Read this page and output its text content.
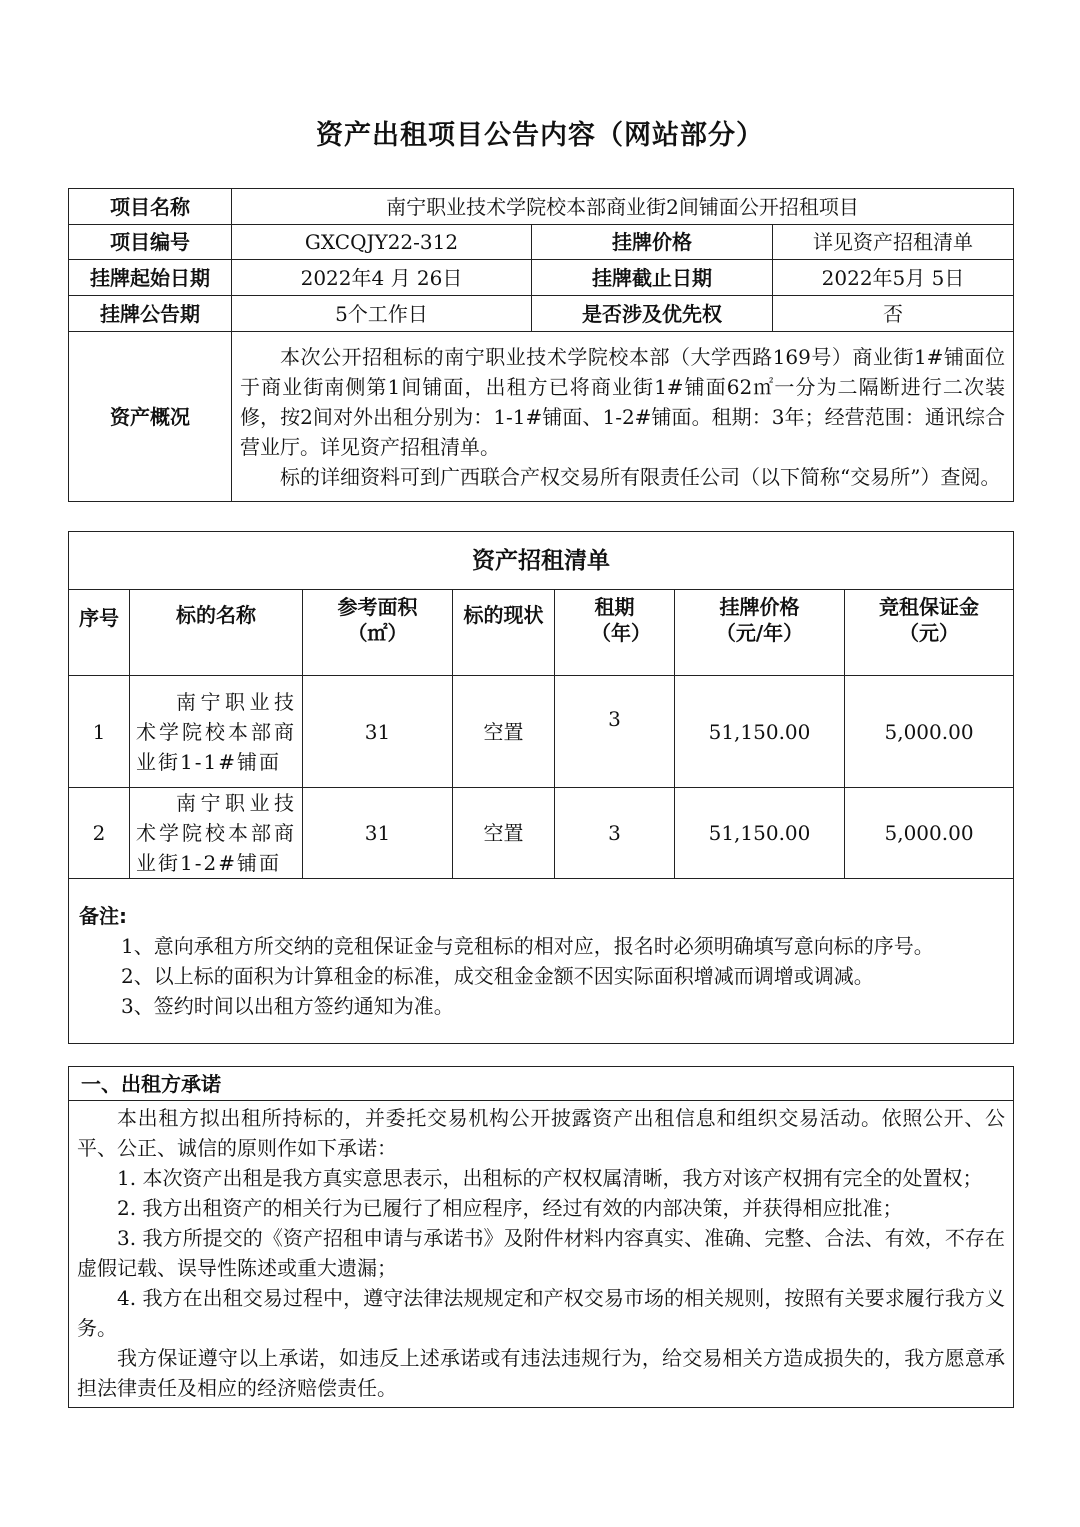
资产出租项目公告内容（网站部分）
项目名称	南宁职业技术学院校本部商业街2间铺面公开招租项目		
项目编号	GXCQJY22-312	挂牌价格	详见资产招租清单
挂牌起始日期	2022年4 月 26日	挂牌截止日期	2022年5月 5日
挂牌公告期	5个工作日	是否涉及优先权	否
资产概况	本次公开招租标的南宁职业技术学院校本部（大学西路169号）商业街1#铺面位于商业街南侧第1间铺面，出租方已将商业街1#铺面62㎡一分为二隔断进行二次装修，按2间对外出租分别为：1-1#铺面、1-2#铺面。租期：3年；经营范围：通讯综合营业厅。详见资产招租清单。
标的详细资料可到广西联合产权交易所有限责任公司（以下简称“交易所”）查阅。		
资产招租清单						
序号	标的名称	参考面积（㎡）	标的现状	租期（年）	挂牌价格（元/年）	竞租保证金（元）
1	南宁职业技术学院校本部商业街1-1#铺面	31	空置	3	51,150.00	5,000.00
2	南宁职业技术学院校本部商业街1-2#铺面	31	空置	3	51,150.00	5,000.00

备注:

1、意向承租方所交纳的竞租保证金与竞租标的相对应，报名时必须明确填写意向标的序号。

2、以上标的面积为计算租金的标准，成交租金金额不因实际面积增减而调增或调减。

3、签约时间以出租方签约通知为准。						

一、出租方承诺

本出租方拟出租所持标的，并委托交易机构公开披露资产出租信息和组织交易活动。依照公开、公平、公正、诚信的原则作如下承诺：
1. 本次资产出租是我方真实意思表示，出租标的产权权属清晰，我方对该产权拥有完全的处置权；
2. 我方出租资产的相关行为已履行了相应程序，经过有效的内部决策，并获得相应批准；
3. 我方所提交的《资产招租申请与承诺书》及附件材料内容真实、准确、完整、合法、有效，不存在虚假记载、误导性陈述或重大遗漏；
4. 我方在出租交易过程中，遵守法律法规规定和产权交易市场的相关规则，按照有关要求履行我方义务。
我方保证遵守以上承诺，如违反上述承诺或有违法违规行为，给交易相关方造成损失的，我方愿意承担法律责任及相应的经济赔偿责任。
